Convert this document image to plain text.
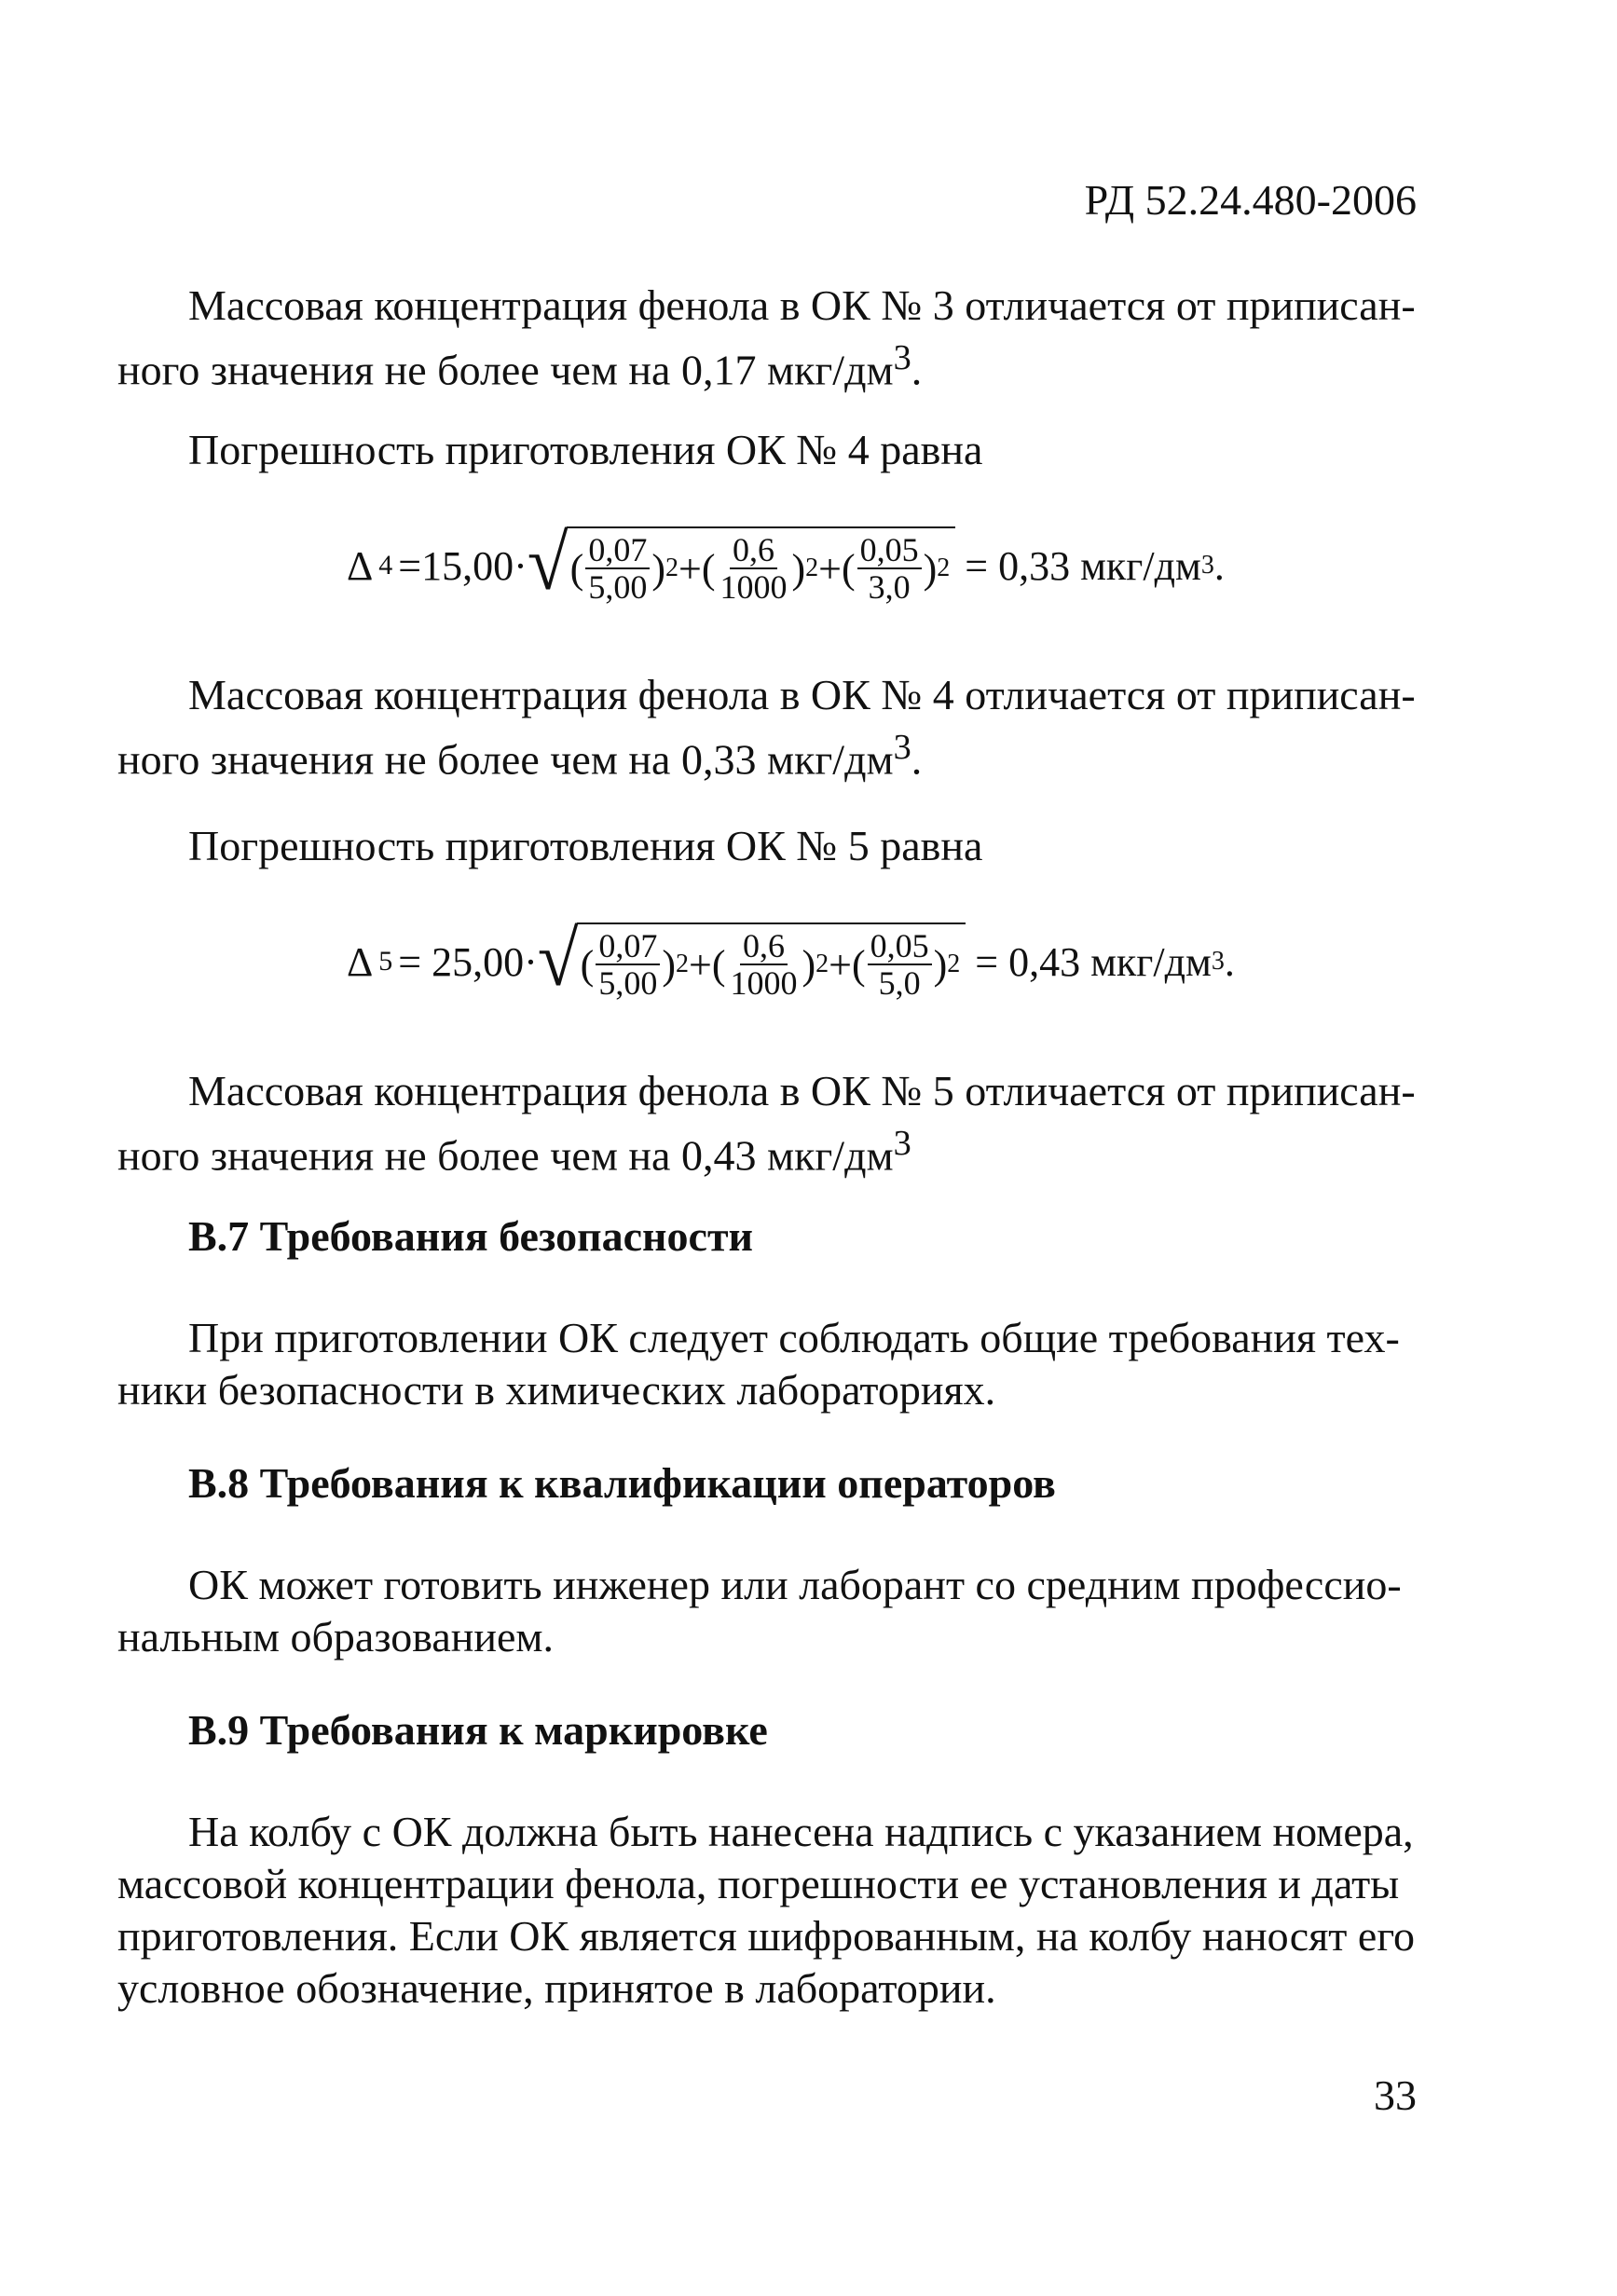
РД 52.24.480-2006

Массовая концентрация фенола в ОК № 3 отличается от приписан-
ного значения не более чем на 0,17 мкг/$дм^3$.

Погрешность приготовления ОК № 4 равна

Δ 4 =15,00· √ ( $\frac{0,07}{5,00}$ ) 2 + ( $\frac{0,6}{1000}$ ) 2 + ( $\frac{0,05}{3,0}$ ) 2 = 0,33 мкг/дм 3 .

Массовая концентрация фенола в ОК № 4 отличается от приписан-
ного значения не более чем на 0,33 мкг/$дм^3$.

Погрешность приготовления ОК № 5 равна

Δ 5 = 25,00· √ ( $\frac{0,07}{5,00}$ ) 2 + ( $\frac{0,6}{1000}$ ) 2 + ( $\frac{0,05}{5,0}$ ) 2 = 0,43 мкг/дм 3 .

Массовая концентрация фенола в ОК № 5 отличается от приписан-
ного значения не более чем на 0,43 мкг/$дм^3$

В.7 Требования безопасности

При приготовлении ОК следует соблюдать общие требования тех-
ники безопасности в химических лабораториях.

В.8 Требования к квалификации операторов

ОК может готовить инженер или лаборант со средним профессио-
нальным образованием.

В.9 Требования к маркировке

На колбу с ОК должна быть нанесена надпись с указанием номера,
массовой концентрации фенола, погрешности ее установления и даты
приготовления. Если ОК является шифрованным, на колбу наносят его
условное обозначение, принятое в лаборатории.

33
